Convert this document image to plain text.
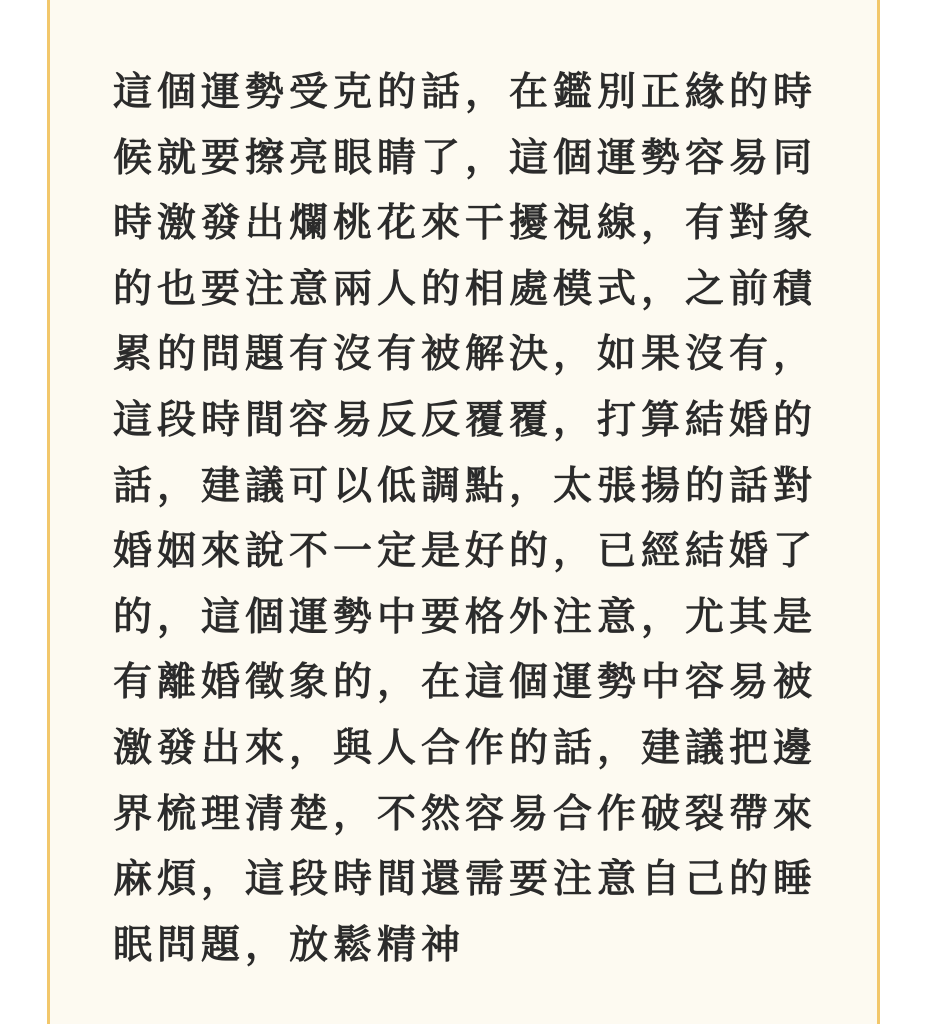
這個運勢受克的話，在鑑別正緣的時
候就要擦亮眼睛了，這個運勢容易同
時激發出爛桃花來干擾視線，有對象
的也要注意兩人的相處模式，之前積
累的問題有沒有被解決，如果沒有，
這段時間容易反反覆覆，打算結婚的
話，建議可以低調點，太張揚的話對
婚姻來說不一定是好的，已經結婚了
的，這個運勢中要格外注意，尤其是
有離婚徵象的，在這個運勢中容易被
激發出來，與人合作的話，建議把邊
界梳理清楚，不然容易合作破裂帶來
麻煩，這段時間還需要注意自己的睡
眠問題，放鬆精神
